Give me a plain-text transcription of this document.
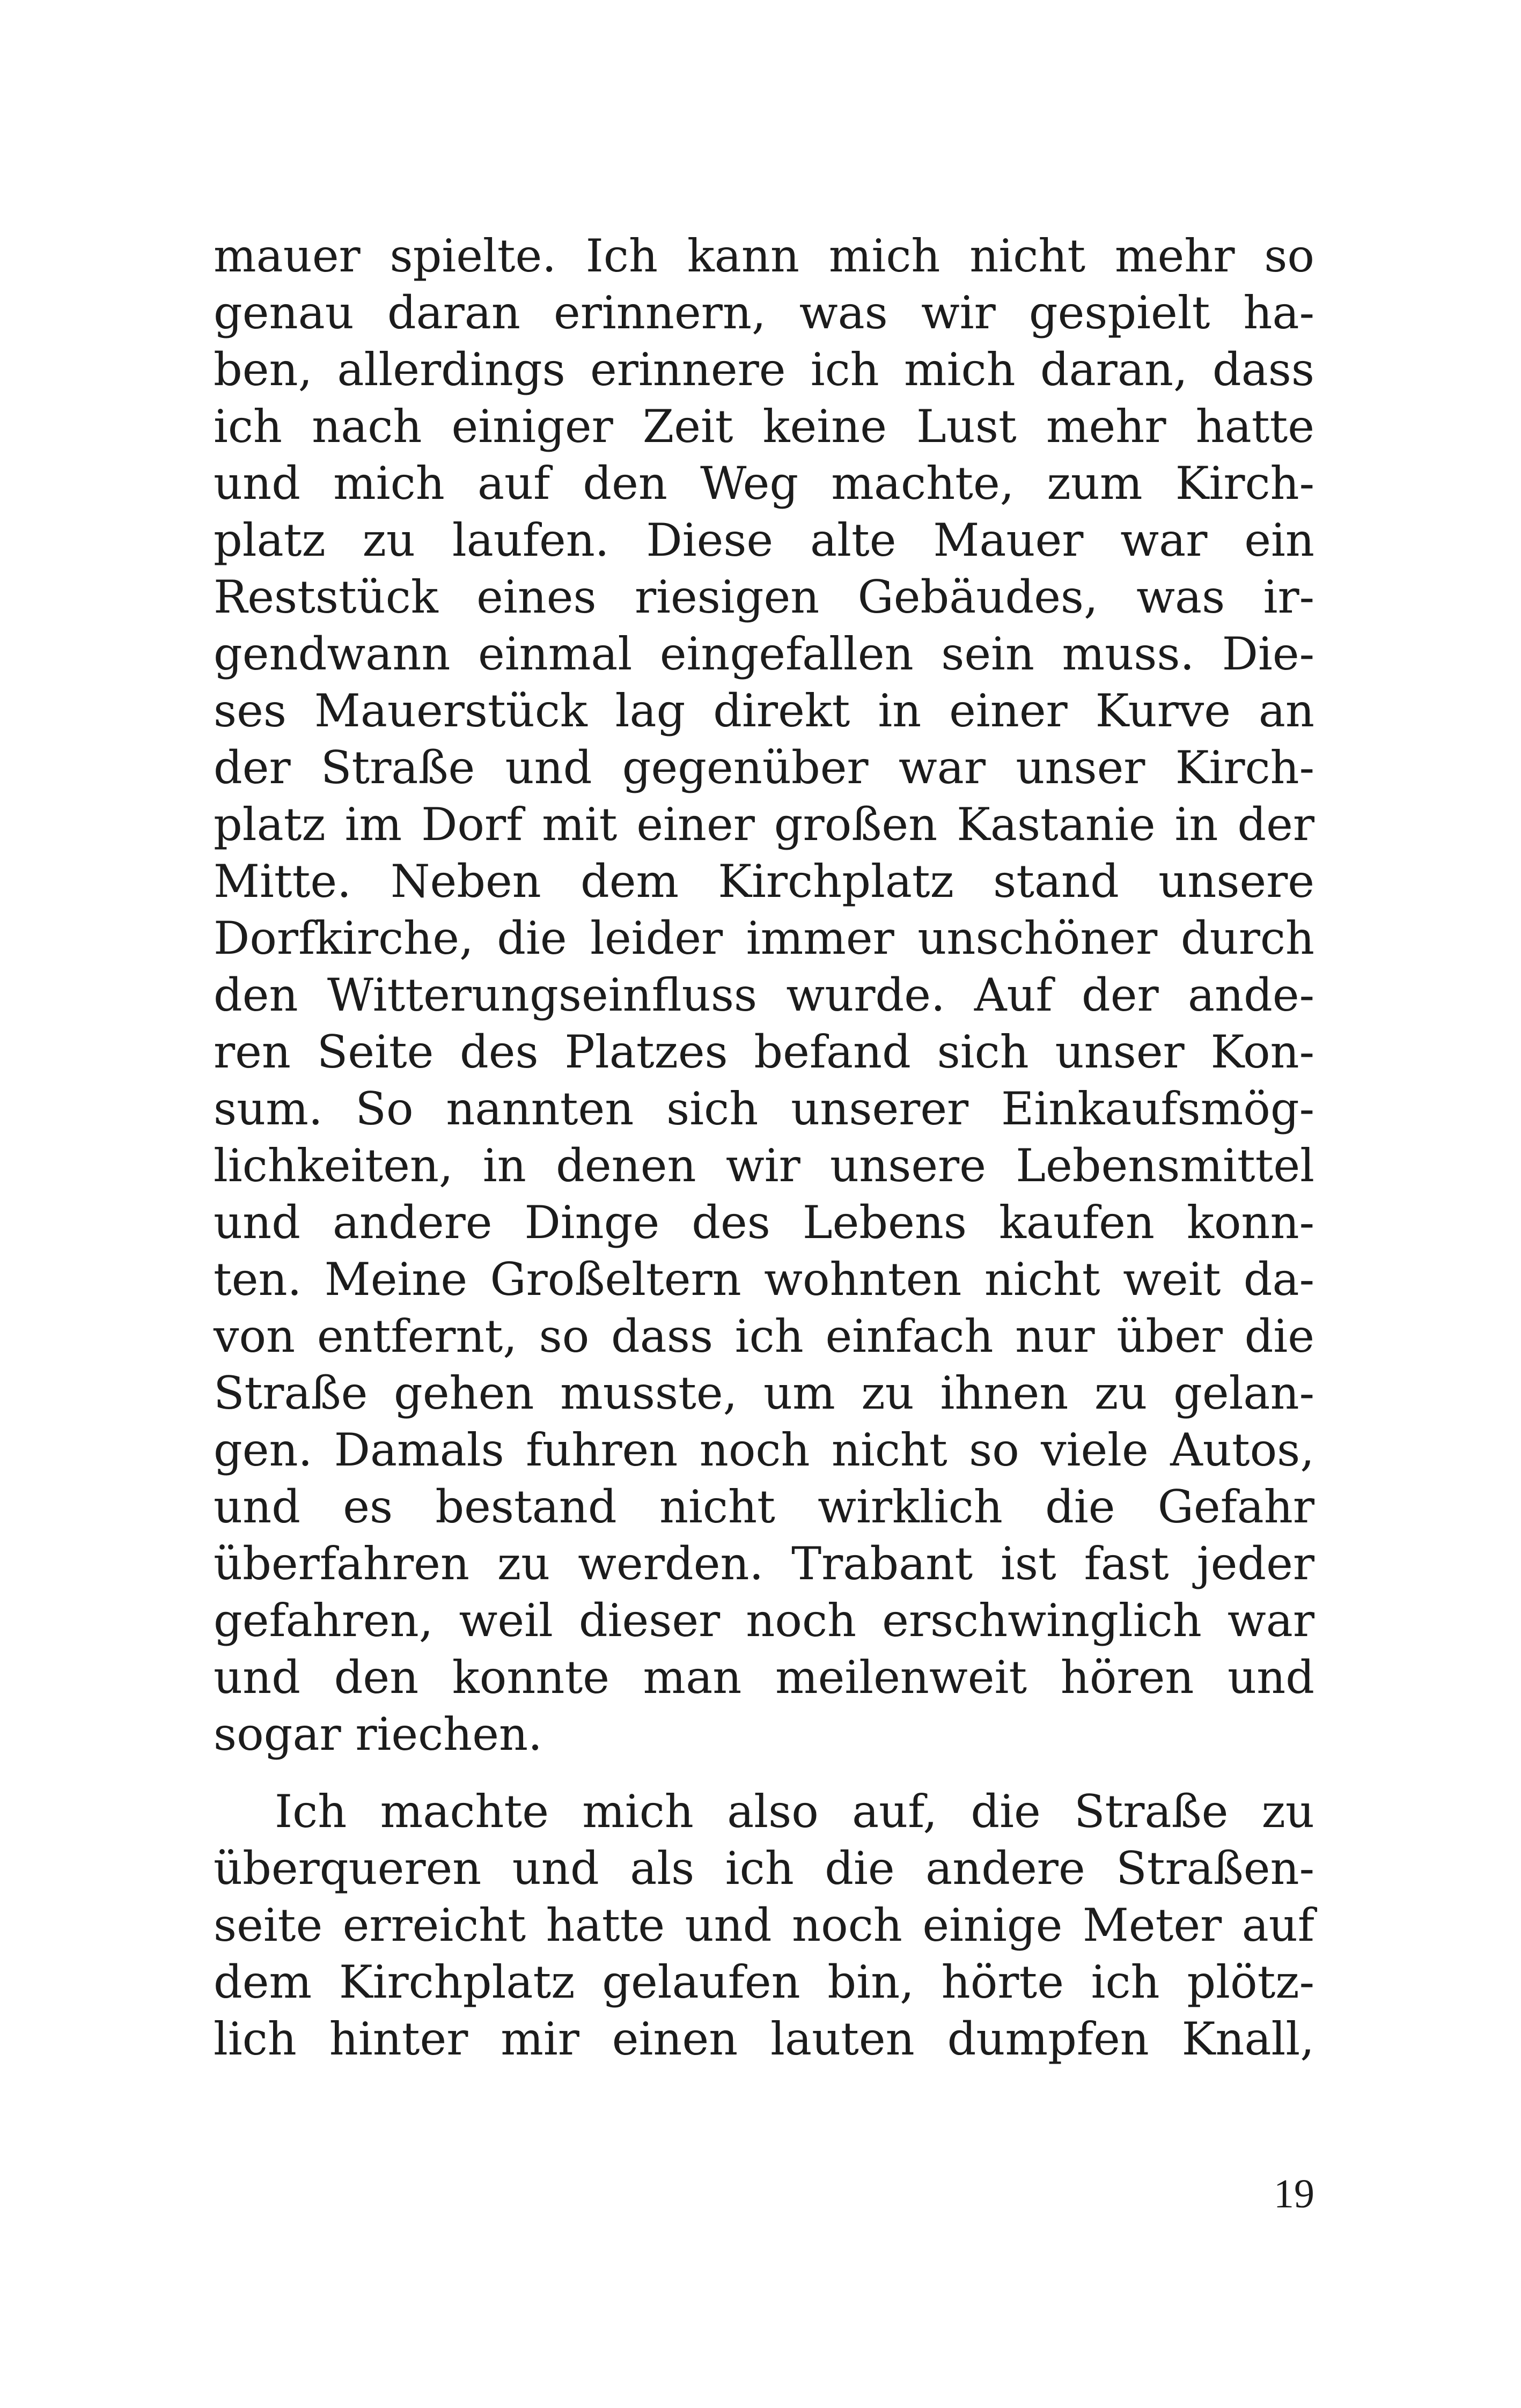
mauer spielte. Ich kann mich nicht mehr so
genau daran erinnern, was wir gespielt ha-
ben, allerdings erinnere ich mich daran, dass
ich nach einiger Zeit keine Lust mehr hatte
und mich auf den Weg machte, zum Kirch-
platz zu laufen. Diese alte Mauer war ein
Reststück eines riesigen Gebäudes, was ir-
gendwann einmal eingefallen sein muss. Die-
ses Mauerstück lag direkt in einer Kurve an
der Straße und gegenüber war unser Kirch-
platz im Dorf mit einer großen Kastanie in der
Mitte. Neben dem Kirchplatz stand unsere
Dorfkirche, die leider immer unschöner durch
den Witterungseinfluss wurde. Auf der ande-
ren Seite des Platzes befand sich unser Kon-
sum. So nannten sich unserer Einkaufsmög-
lichkeiten, in denen wir unsere Lebensmittel
und andere Dinge des Lebens kaufen konn-
ten. Meine Großeltern wohnten nicht weit da-
von entfernt, so dass ich einfach nur über die
Straße gehen musste, um zu ihnen zu gelan-
gen. Damals fuhren noch nicht so viele Autos,
und es bestand nicht wirklich die Gefahr
überfahren zu werden. Trabant ist fast jeder
gefahren, weil dieser noch erschwinglich war
und den konnte man meilenweit hören und
sogar riechen.

Ich machte mich also auf, die Straße zu
überqueren und als ich die andere Straßen-
seite erreicht hatte und noch einige Meter auf
dem Kirchplatz gelaufen bin, hörte ich plötz-
lich hinter mir einen lauten dumpfen Knall,

19
